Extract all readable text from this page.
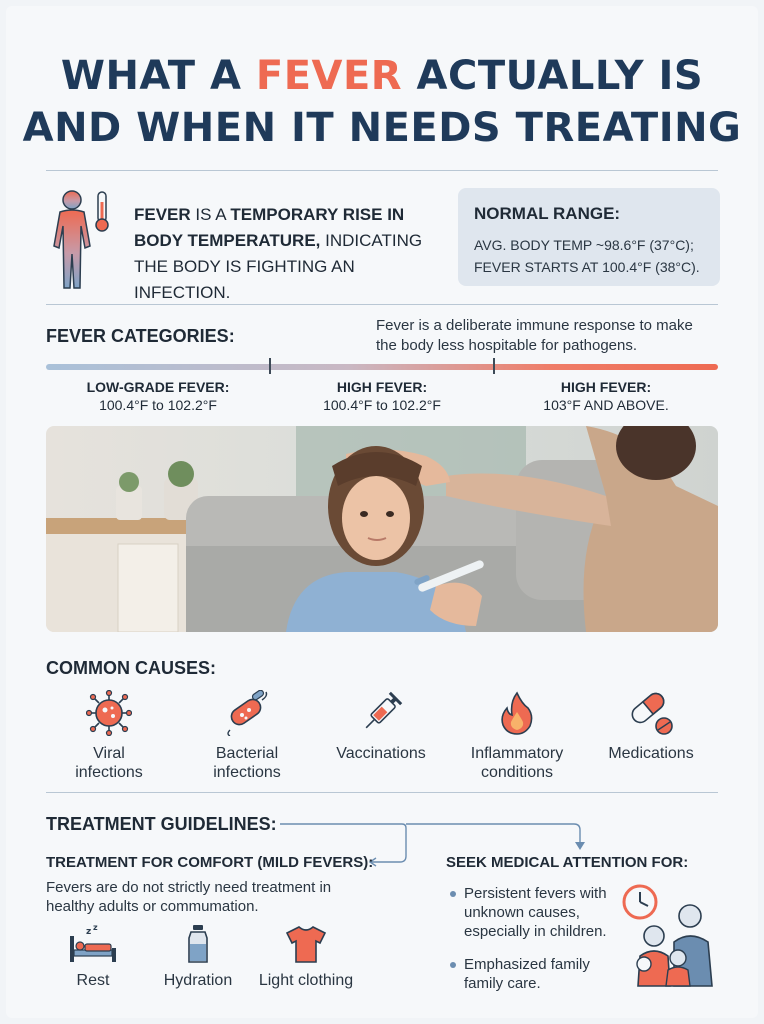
WHAT A FEVER ACTUALLY IS
AND WHEN IT NEEDS TREATING

FEVER IS A TEMPORARY RISE IN BODY TEMPERATURE, INDICATING THE BODY IS FIGHTING AN INFECTION.

NORMAL RANGE:
AVG. BODY TEMP ~98.6°F (37°C);
FEVER STARTS AT 100.4°F (38°C).
FEVER CATEGORIES:
Fever is a deliberate immune response to make the body less hospitable for pathogens.
LOW-GRADE FEVER:
100.4°F to 102.2°F
HIGH FEVER:
100.4°F to 102.2°F
HIGH FEVER:
103°F AND ABOVE.
COMMON CAUSES:
Viral
infections
Bacterial
infections
Vaccinations	Inflammatory
conditions
Medications
TREATMENT GUIDELINES:
TREATMENT FOR COMFORT (MILD FEVERS):
Fevers are do not strictly need treatment in healthy adults or commumation.
z z
Rest	Hydration	Light clothing
SEEK MEDICAL ATTENTION FOR:
Persistent fevers with unknown causes, especially in children.
Emphasized family family care.
